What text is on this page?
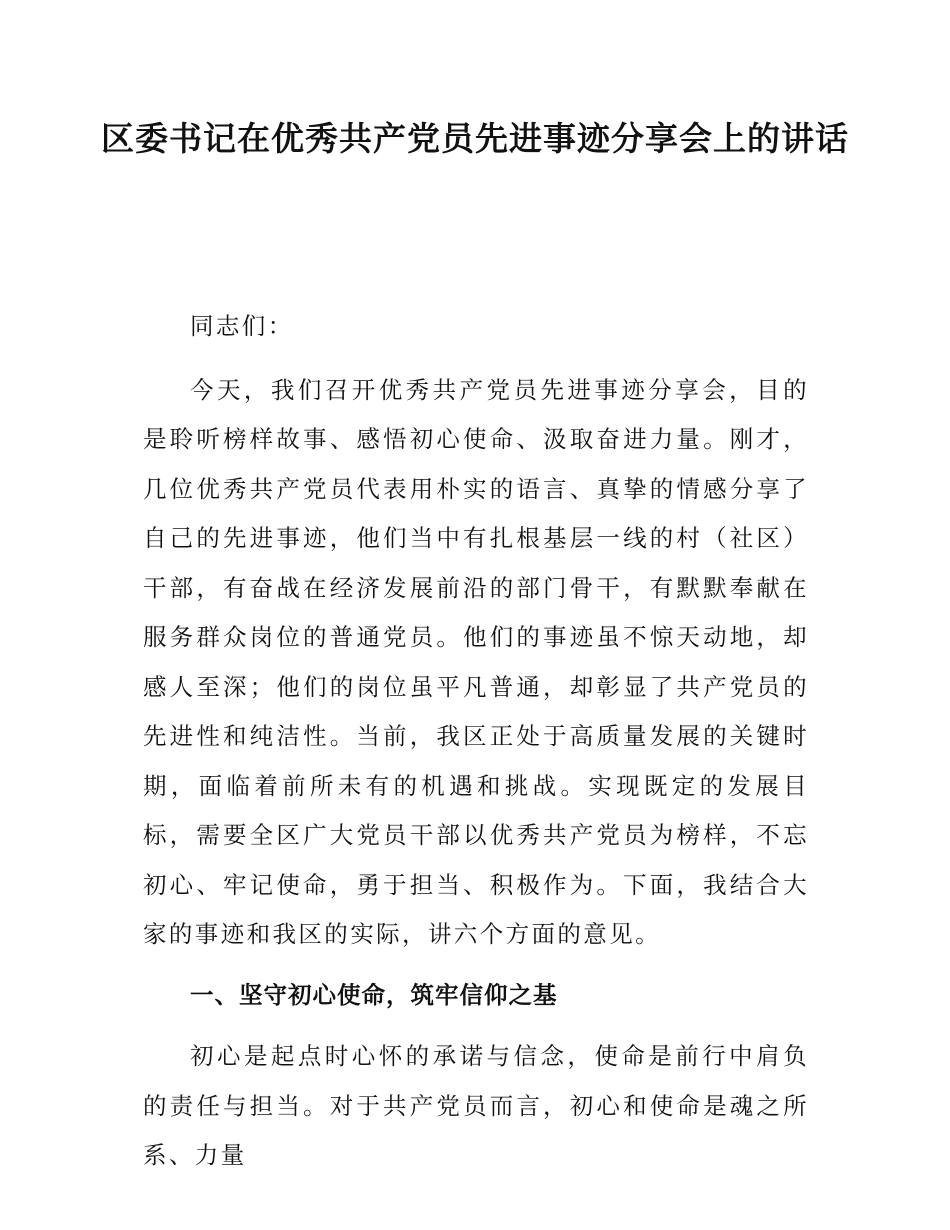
区委书记在优秀共产党员先进事迹分享会上的讲话

同志们：

今天，我们召开优秀共产党员先进事迹分享会，目的是聆听榜样故事、感悟初心使命、汲取奋进力量。刚才，几位优秀共产党员代表用朴实的语言、真挚的情感分享了自己的先进事迹，他们当中有扎根基层一线的村（社区）干部，有奋战在经济发展前沿的部门骨干，有默默奉献在服务群众岗位的普通党员。他们的事迹虽不惊天动地，却感人至深；他们的岗位虽平凡普通，却彰显了共产党员的先进性和纯洁性。当前，我区正处于高质量发展的关键时期，面临着前所未有的机遇和挑战。实现既定的发展目标，需要全区广大党员干部以优秀共产党员为榜样，不忘初心、牢记使命，勇于担当、积极作为。下面，我结合大家的事迹和我区的实际，讲六个方面的意见。

一、坚守初心使命，筑牢信仰之基

初心是起点时心怀的承诺与信念，使命是前行中肩负的责任与担当。对于共产党员而言，初心和使命是魂之所系、力量
